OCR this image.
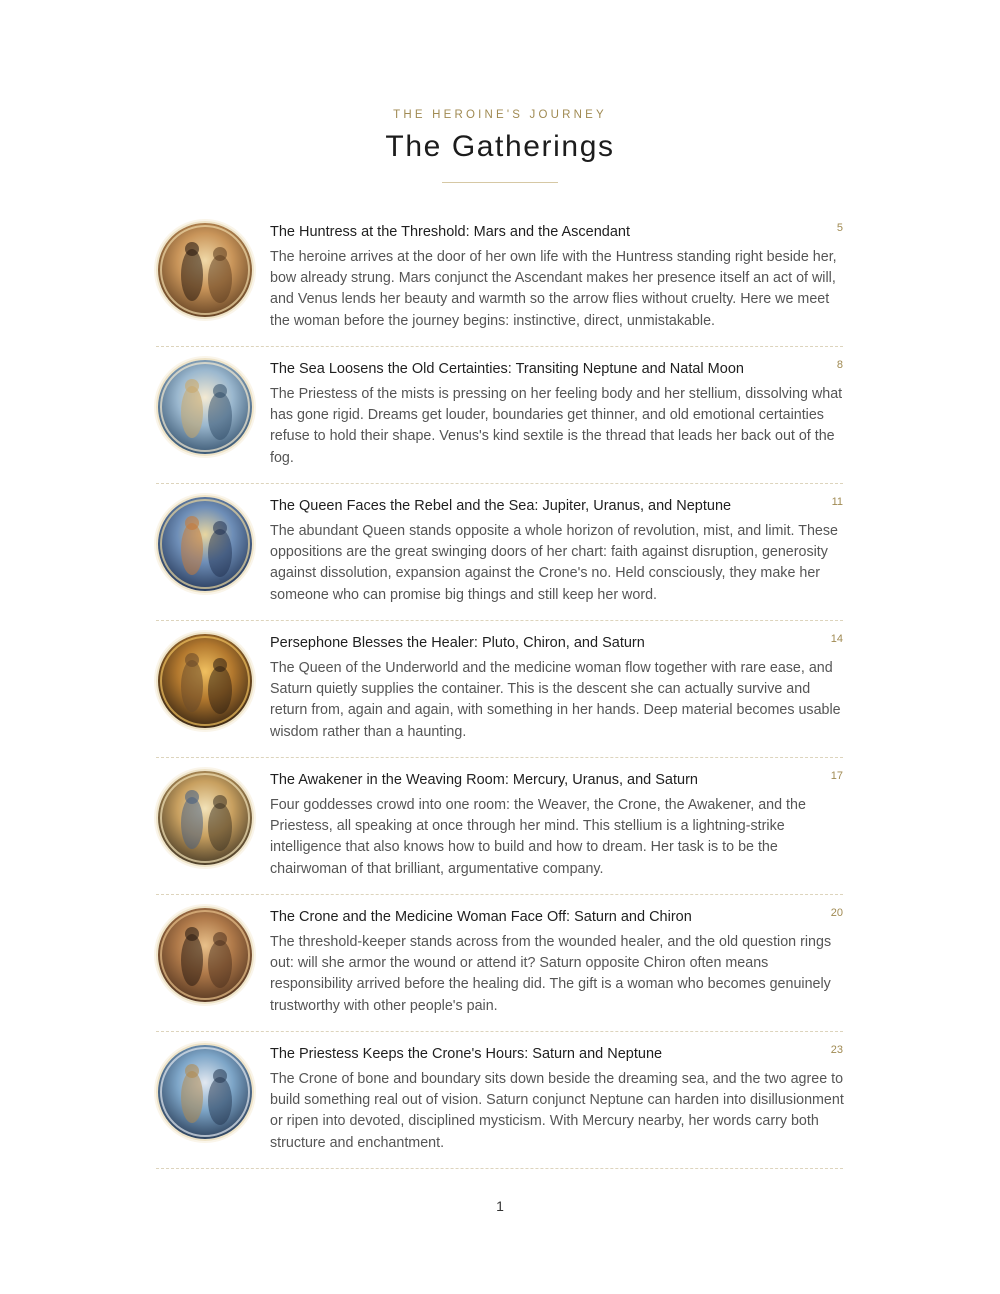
THE HEROINE'S JOURNEY
The Gatherings
The Huntress at the Threshold: Mars and the Ascendant	5
The heroine arrives at the door of her own life with the Huntress standing right beside her, bow already strung. Mars conjunct the Ascendant makes her presence itself an act of will, and Venus lends her beauty and warmth so the arrow flies without cruelty. Here we meet the woman before the journey begins: instinctive, direct, unmistakable.
The Sea Loosens the Old Certainties: Transiting Neptune and Natal Moon	8
The Priestess of the mists is pressing on her feeling body and her stellium, dissolving what has gone rigid. Dreams get louder, boundaries get thinner, and old emotional certainties refuse to hold their shape. Venus's kind sextile is the thread that leads her back out of the fog.
The Queen Faces the Rebel and the Sea: Jupiter, Uranus, and Neptune	11
The abundant Queen stands opposite a whole horizon of revolution, mist, and limit. These oppositions are the great swinging doors of her chart: faith against disruption, generosity against dissolution, expansion against the Crone's no. Held consciously, they make her someone who can promise big things and still keep her word.
Persephone Blesses the Healer: Pluto, Chiron, and Saturn	14
The Queen of the Underworld and the medicine woman flow together with rare ease, and Saturn quietly supplies the container. This is the descent she can actually survive and return from, again and again, with something in her hands. Deep material becomes usable wisdom rather than a haunting.
The Awakener in the Weaving Room: Mercury, Uranus, and Saturn	17
Four goddesses crowd into one room: the Weaver, the Crone, the Awakener, and the Priestess, all speaking at once through her mind. This stellium is a lightning-strike intelligence that also knows how to build and how to dream. Her task is to be the chairwoman of that brilliant, argumentative company.
The Crone and the Medicine Woman Face Off: Saturn and Chiron	20
The threshold-keeper stands across from the wounded healer, and the old question rings out: will she armor the wound or attend it? Saturn opposite Chiron often means responsibility arrived before the healing did. The gift is a woman who becomes genuinely trustworthy with other people's pain.
The Priestess Keeps the Crone's Hours: Saturn and Neptune	23
The Crone of bone and boundary sits down beside the dreaming sea, and the two agree to build something real out of vision. Saturn conjunct Neptune can harden into disillusionment or ripen into devoted, disciplined mysticism. With Mercury nearby, her words carry both structure and enchantment.
1
